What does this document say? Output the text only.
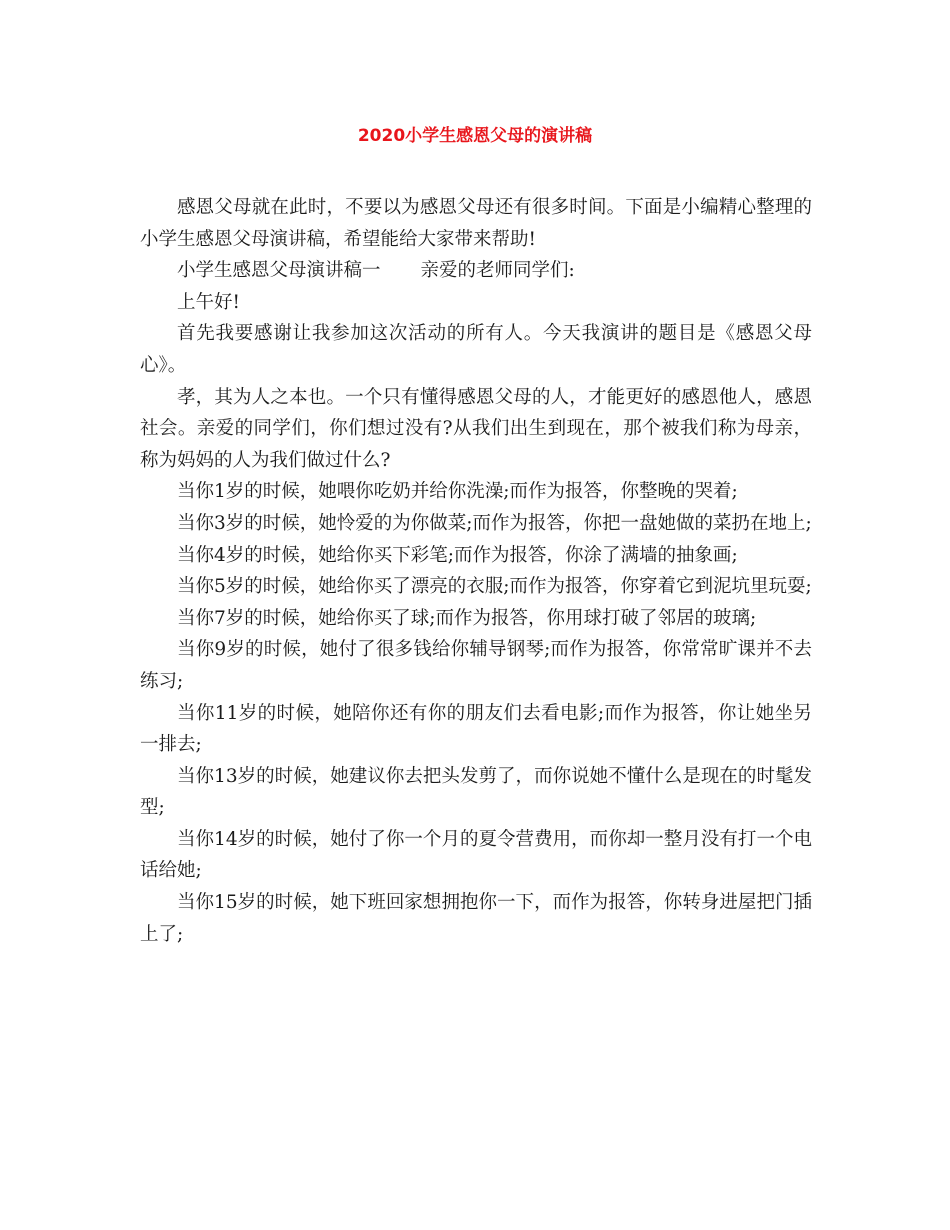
2020小学生感恩父母的演讲稿

感恩父母就在此时，不要以为感恩父母还有很多时间。下面是小编精心整理的小学生感恩父母演讲稿，希望能给大家带来帮助!

小学生感恩父母演讲稿一 亲爱的老师同学们:

上午好!

首先我要感谢让我参加这次活动的所有人。今天我演讲的题目是《感恩父母心》。

孝，其为人之本也。一个只有懂得感恩父母的人，才能更好的感恩他人，感恩社会。亲爱的同学们，你们想过没有?从我们出生到现在，那个被我们称为母亲，称为妈妈的人为我们做过什么?

当你1岁的时候，她喂你吃奶并给你洗澡;而作为报答，你整晚的哭着;

当你3岁的时候，她怜爱的为你做菜;而作为报答，你把一盘她做的菜扔在地上;

当你4岁的时候，她给你买下彩笔;而作为报答，你涂了满墙的抽象画;

当你5岁的时候，她给你买了漂亮的衣服;而作为报答，你穿着它到泥坑里玩耍;

当你7岁的时候，她给你买了球;而作为报答，你用球打破了邻居的玻璃;

当你9岁的时候，她付了很多钱给你辅导钢琴;而作为报答，你常常旷课并不去练习;

当你11岁的时候，她陪你还有你的朋友们去看电影;而作为报答，你让她坐另一排去;

当你13岁的时候，她建议你去把头发剪了，而你说她不懂什么是现在的时髦发型;

当你14岁的时候，她付了你一个月的夏令营费用，而你却一整月没有打一个电话给她;

当你15岁的时候，她下班回家想拥抱你一下，而作为报答，你转身进屋把门插上了;
